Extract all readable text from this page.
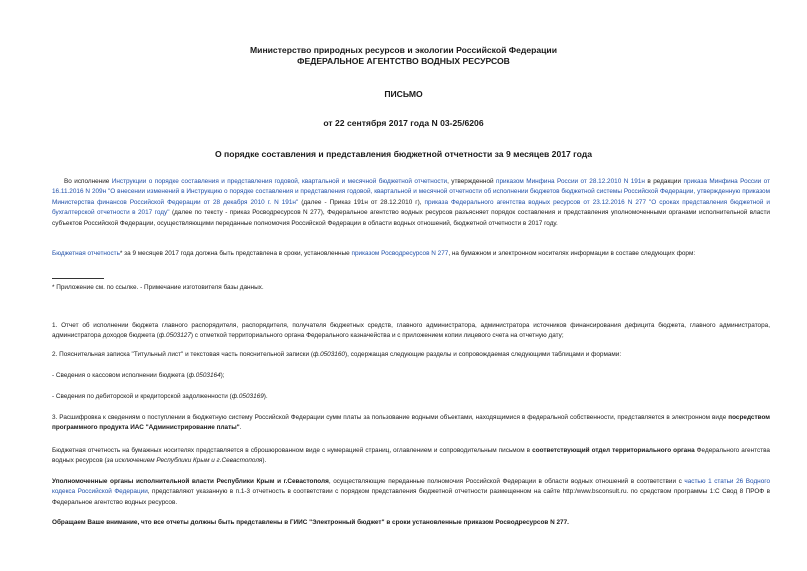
Министерство природных ресурсов и экологии Российской Федерации
ФЕДЕРАЛЬНОЕ АГЕНТСТВО ВОДНЫХ РЕСУРСОВ
ПИСЬМО
от 22 сентября 2017 года N 03-25/6206
О порядке составления и представления бюджетной отчетности за 9 месяцев 2017 года

Во исполнение Инструкции о порядке составления и представления годовой, квартальной и месячной бюджетной отчетности, утвержденной приказом Минфина России от 28.12.2010 N 191н в редакции приказа Минфина России от 16.11.2016 N 209н "О внесении изменений в Инструкцию о порядке составления и представления годовой, квартальной и месячной отчетности об исполнении бюджетов бюджетной системы Российской Федерации, утвержденную приказом Министерства финансов Российской Федерации от 28 декабря 2010 г. N 191н" (далее - Приказ 191н от 28.12.2010 г), приказа Федерального агентства водных ресурсов от 23.12.2016 N 277 "О сроках представления бюджетной и бухгалтерской отчетности в 2017 году" (далее по тексту - приказ Росводресурсов N 277), Федеральное агентство водных ресурсов разъясняет порядок составления и представления уполномоченными органами исполнительной власти субъектов Российской Федерации, осуществляющими переданные полномочия Российской Федерации в области водных отношений, бюджетной отчетности в 2017 году.

Бюджетная отчетность* за 9 месяцев 2017 года должна быть представлена в сроки, установленные приказом Росводресурсов N 277, на бумажном и электронном носителях информации в составе следующих форм:

* Приложение см. по ссылке. - Примечание изготовителя базы данных.

1. Отчет об исполнении бюджета главного распорядителя, распорядителя, получателя бюджетных средств, главного администратора, администратора источников финансирования дефицита бюджета, главного администратора, администратора доходов бюджета (ф.0503127) с отметкой территориального органа Федерального казначейства и с приложением копии лицевого счета на отчетную дату;

2. Пояснительная записка "Титульный лист" и текстовая часть пояснительной записки (ф.0503160), содержащая следующие разделы и сопровождаемая следующими таблицами и формами:

- Сведения о кассовом исполнении бюджета (ф.0503164);

- Сведения по дебиторской и кредиторской задолженности (ф.0503169).

3. Расшифровка к сведениям о поступлении в бюджетную систему Российской Федерации сумм платы за пользование водными объектами, находящимися в федеральной собственности, представляется в электронном виде посредством программного продукта ИАС "Администрирование платы".

Бюджетная отчетность на бумажных носителях представляется в сброшюрованном виде с нумерацией страниц, оглавлением и сопроводительным письмом в соответствующий отдел территориального органа Федерального агентства водных ресурсов (за исключением Республики Крым и г.Севастополя).

Уполномоченные органы исполнительной власти Республики Крым и г.Севастополя, осуществляющие переданные полномочия Российской Федерации в области водных отношений в соответствии с частью 1 статьи 26 Водного кодекса Российской Федерации, представляют указанную в п.1-3 отчетность в соответствии с порядком представления бюджетной отчетности размещенном на сайте http:/www.bsconsult.ru. по средством программы 1:С Свод 8 ПРОФ в Федеральное агентство водных ресурсов.

Обращаем Ваше внимание, что все отчеты должны быть представлены в ГИИС "Электронный бюджет" в сроки установленные приказом Росводресурсов N 277.
